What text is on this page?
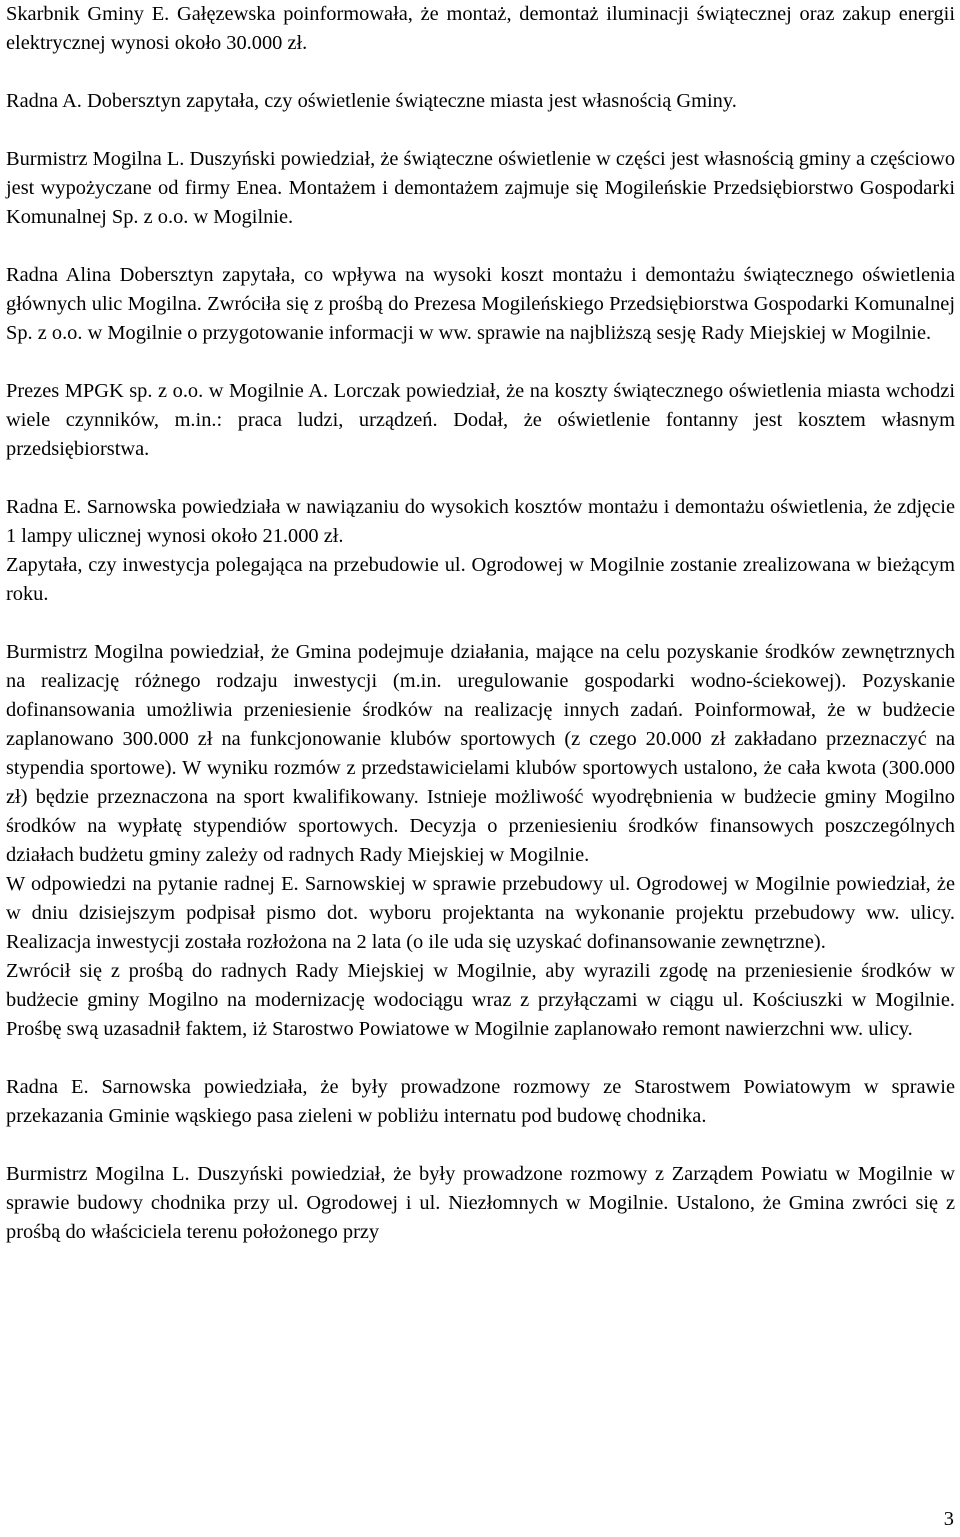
Skarbnik Gminy E. Gałęzewska poinformowała, że montaż, demontaż iluminacji świątecznej oraz zakup energii elektrycznej wynosi około 30.000 zł.

Radna A. Dobersztyn zapytała, czy oświetlenie świąteczne miasta jest własnością Gminy.

Burmistrz Mogilna L. Duszyński powiedział, że świąteczne oświetlenie w części jest własnością gminy a częściowo jest wypożyczane od firmy Enea. Montażem i demontażem zajmuje się Mogileńskie Przedsiębiorstwo Gospodarki Komunalnej Sp. z o.o. w Mogilnie.

Radna Alina Dobersztyn zapytała, co wpływa na wysoki koszt montażu i demontażu świątecznego oświetlenia głównych ulic Mogilna. Zwróciła się z prośbą do Prezesa Mogileńskiego Przedsiębiorstwa Gospodarki Komunalnej Sp. z o.o. w Mogilnie o przygotowanie informacji w ww. sprawie na najbliższą sesję Rady Miejskiej w Mogilnie.

Prezes MPGK sp. z o.o. w Mogilnie A. Lorczak powiedział, że na koszty świątecznego oświetlenia miasta wchodzi wiele czynników, m.in.: praca ludzi, urządzeń. Dodał, że oświetlenie fontanny jest kosztem własnym przedsiębiorstwa.

Radna E. Sarnowska powiedziała w nawiązaniu do wysokich kosztów montażu i demontażu oświetlenia, że zdjęcie 1 lampy ulicznej wynosi około 21.000 zł.

Zapytała, czy inwestycja polegająca na przebudowie ul. Ogrodowej w Mogilnie zostanie zrealizowana w bieżącym roku.

Burmistrz Mogilna powiedział, że Gmina podejmuje działania, mające na celu pozyskanie środków zewnętrznych na realizację różnego rodzaju inwestycji (m.in. uregulowanie gospodarki wodno-ściekowej). Pozyskanie dofinansowania umożliwia przeniesienie środków na realizację innych zadań. Poinformował, że w budżecie zaplanowano 300.000 zł na funkcjonowanie klubów sportowych (z czego 20.000 zł zakładano przeznaczyć na stypendia sportowe). W wyniku rozmów z przedstawicielami klubów sportowych ustalono, że cała kwota (300.000 zł) będzie przeznaczona na sport kwalifikowany. Istnieje możliwość wyodrębnienia w budżecie gminy Mogilno środków na wypłatę stypendiów sportowych. Decyzja o przeniesieniu środków finansowych poszczególnych działach budżetu gminy zależy od radnych Rady Miejskiej w Mogilnie.

W odpowiedzi na pytanie radnej E. Sarnowskiej w sprawie przebudowy ul. Ogrodowej w Mogilnie powiedział, że w dniu dzisiejszym podpisał pismo dot. wyboru projektanta na wykonanie projektu przebudowy ww. ulicy. Realizacja inwestycji została rozłożona na 2 lata (o ile uda się uzyskać dofinansowanie zewnętrzne).

Zwrócił się z prośbą do radnych Rady Miejskiej w Mogilnie, aby wyrazili zgodę na przeniesienie środków w budżecie gminy Mogilno na modernizację wodociągu wraz z przyłączami w ciągu ul. Kościuszki w Mogilnie. Prośbę swą uzasadnił faktem, iż Starostwo Powiatowe w Mogilnie zaplanowało remont nawierzchni ww. ulicy.

Radna E. Sarnowska powiedziała, że były prowadzone rozmowy ze Starostwem Powiatowym w sprawie przekazania Gminie wąskiego pasa zieleni w pobliżu internatu pod budowę chodnika.

Burmistrz Mogilna L. Duszyński powiedział, że były prowadzone rozmowy z Zarządem Powiatu w Mogilnie w sprawie budowy chodnika przy ul. Ogrodowej i ul. Niezłomnych w Mogilnie. Ustalono, że Gmina zwróci się z prośbą do właściciela terenu położonego przy

3
